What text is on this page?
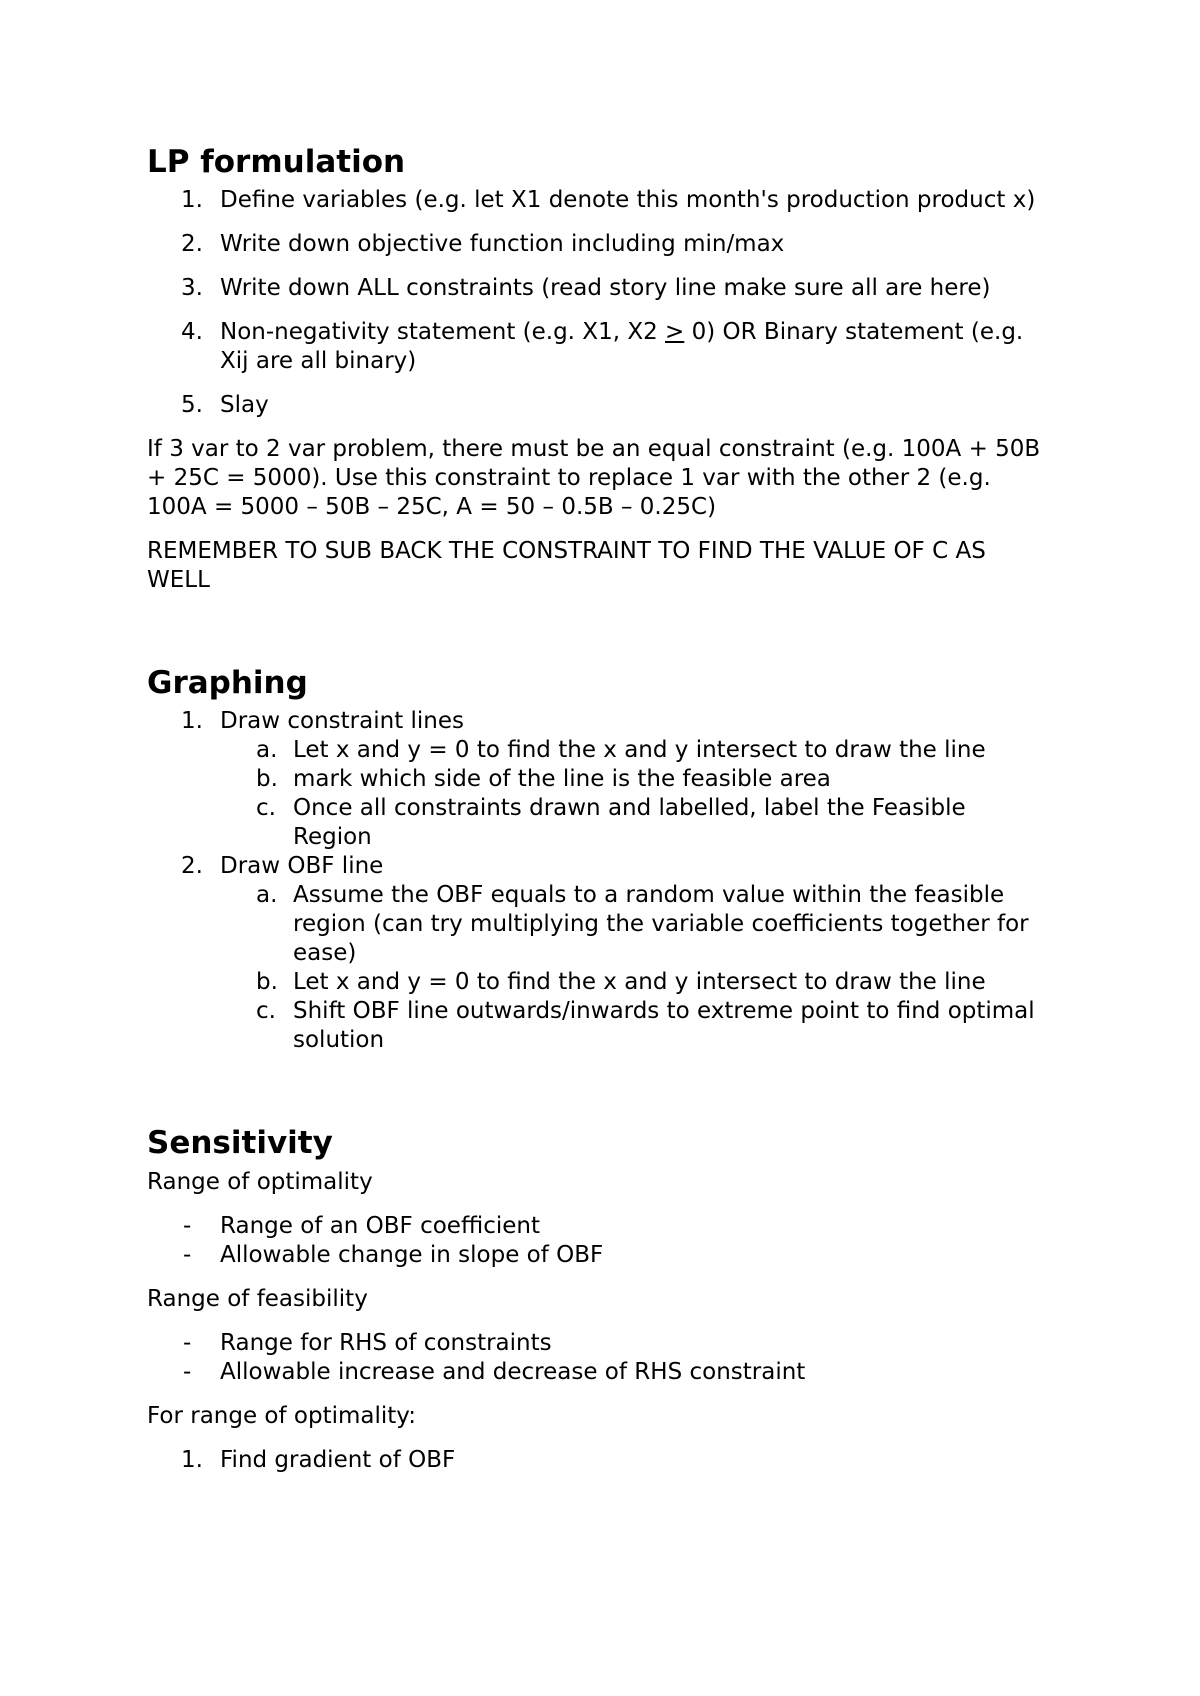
LP formulation
1. Define variables (e.g. let X1 denote this month's production product x)
2. Write down objective function including min/max
3. Write down ALL constraints (read story line make sure all are here)
4. Non-negativity statement (e.g. X1, X2 ≥ 0) OR Binary statement (e.g. Xij are all binary)
5. Slay

If 3 var to 2 var problem, there must be an equal constraint (e.g. 100A + 50B + 25C = 5000). Use this constraint to replace 1 var with the other 2 (e.g. 100A = 5000 – 50B – 25C, A = 50 – 0.5B – 0.25C)

REMEMBER TO SUB BACK THE CONSTRAINT TO FIND THE VALUE OF C AS WELL

Graphing
1. Draw constraint lines
a. Let x and y = 0 to find the x and y intersect to draw the line
b. mark which side of the line is the feasible area
c. Once all constraints drawn and labelled, label the Feasible Region
2. Draw OBF line
a. Assume the OBF equals to a random value within the feasible region (can try multiplying the variable coefficients together for ease)
b. Let x and y = 0 to find the x and y intersect to draw the line
c. Shift OBF line outwards/inwards to extreme point to find optimal solution
Sensitivity

Range of optimality

- Range of an OBF coefficient
- Allowable change in slope of OBF

Range of feasibility

- Range for RHS of constraints
- Allowable increase and decrease of RHS constraint

For range of optimality:

1. Find gradient of OBF
